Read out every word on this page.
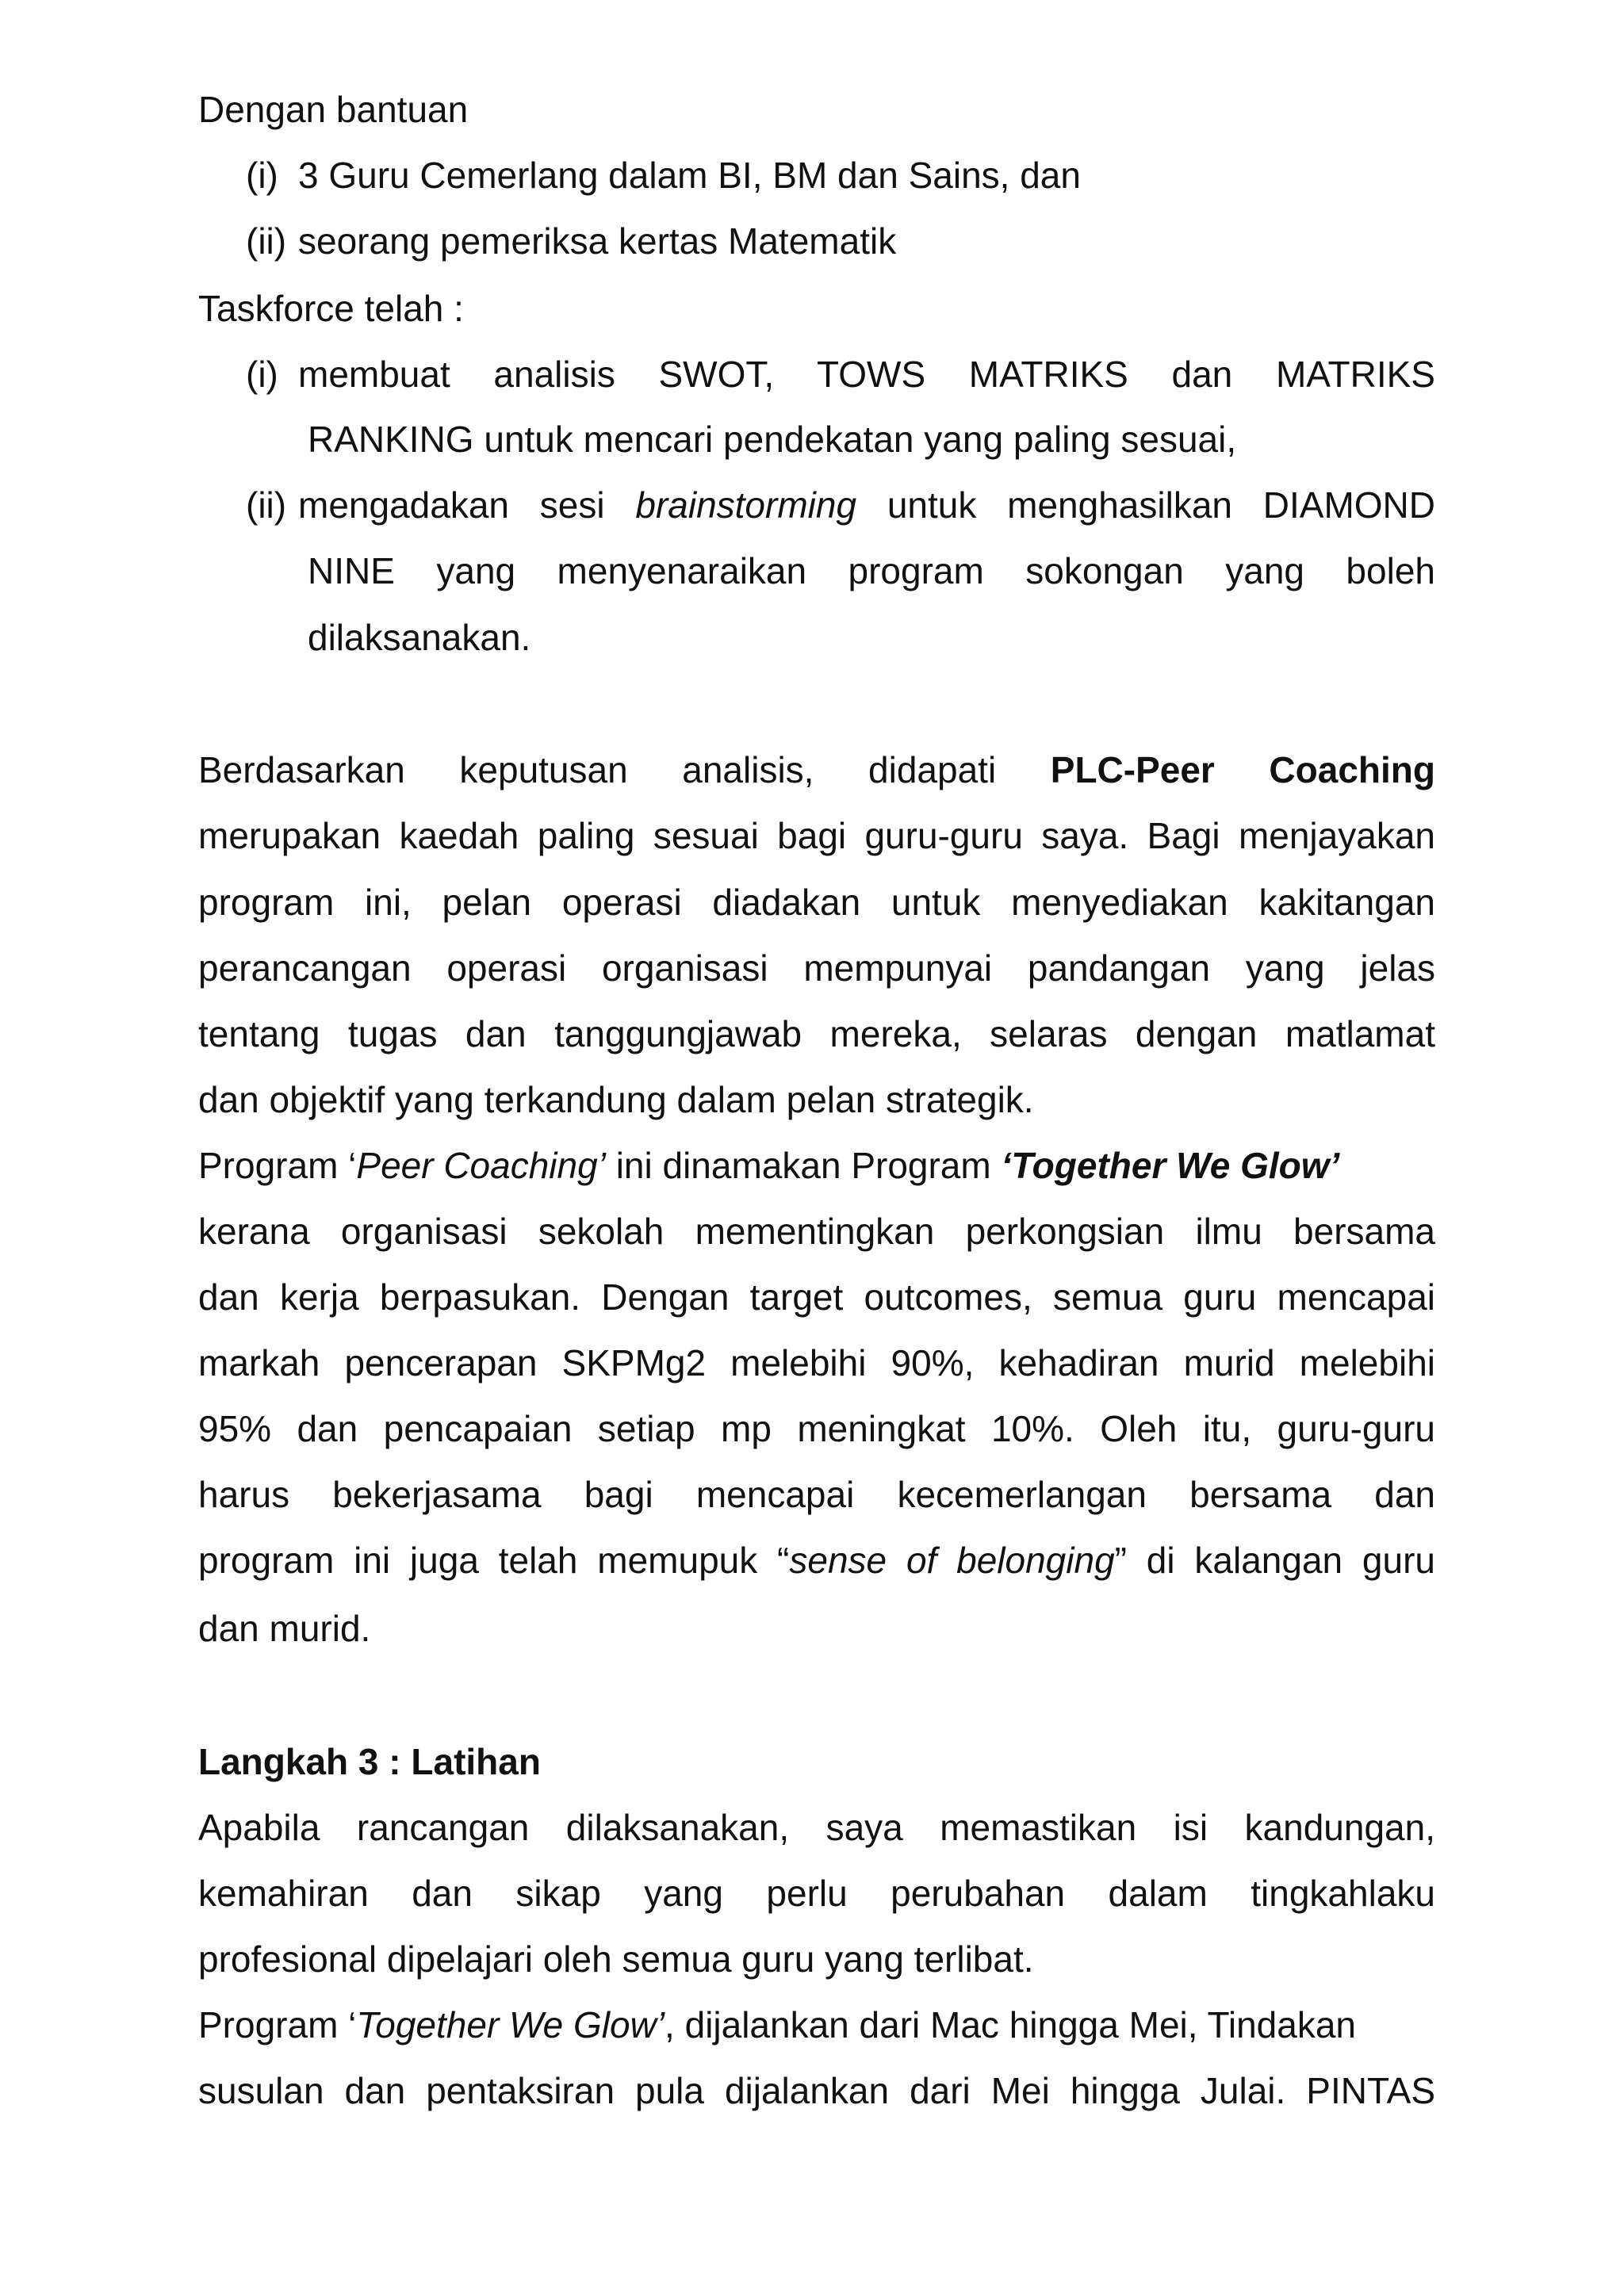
Dengan bantuan
(i) 3 Guru Cemerlang dalam BI, BM dan Sains, dan
(ii) seorang pemeriksa kertas Matematik
Taskforce telah :
(i) membuat analisis SWOT, TOWS MATRIKS dan MATRIKS
RANKING untuk mencari pendekatan yang paling sesuai,
(ii) mengadakan sesi brainstorming untuk menghasilkan DIAMOND
NINE yang menyenaraikan program sokongan yang boleh
dilaksanakan.
Berdasarkan keputusan analisis, didapati PLC-Peer Coaching
merupakan kaedah paling sesuai bagi guru-guru saya. Bagi menjayakan
program ini, pelan operasi diadakan untuk menyediakan kakitangan
perancangan operasi organisasi mempunyai pandangan yang jelas
tentang tugas dan tanggungjawab mereka, selaras dengan matlamat
dan objektif yang terkandung dalam pelan strategik.
Program ‘Peer Coaching’ ini dinamakan Program ‘Together We Glow’
kerana organisasi sekolah mementingkan perkongsian ilmu bersama
dan kerja berpasukan. Dengan target outcomes, semua guru mencapai
markah pencerapan SKPMg2 melebihi 90%, kehadiran murid melebihi
95% dan pencapaian setiap mp meningkat 10%. Oleh itu, guru-guru
harus bekerjasama bagi mencapai kecemerlangan bersama dan
program ini juga telah memupuk “sense of belonging” di kalangan guru
dan murid.
Langkah 3 : Latihan
Apabila rancangan dilaksanakan, saya memastikan isi kandungan,
kemahiran dan sikap yang perlu perubahan dalam tingkahlaku
profesional dipelajari oleh semua guru yang terlibat.
Program ‘Together We Glow’, dijalankan dari Mac hingga Mei, Tindakan
susulan dan pentaksiran pula dijalankan dari Mei hingga Julai. PINTAS
